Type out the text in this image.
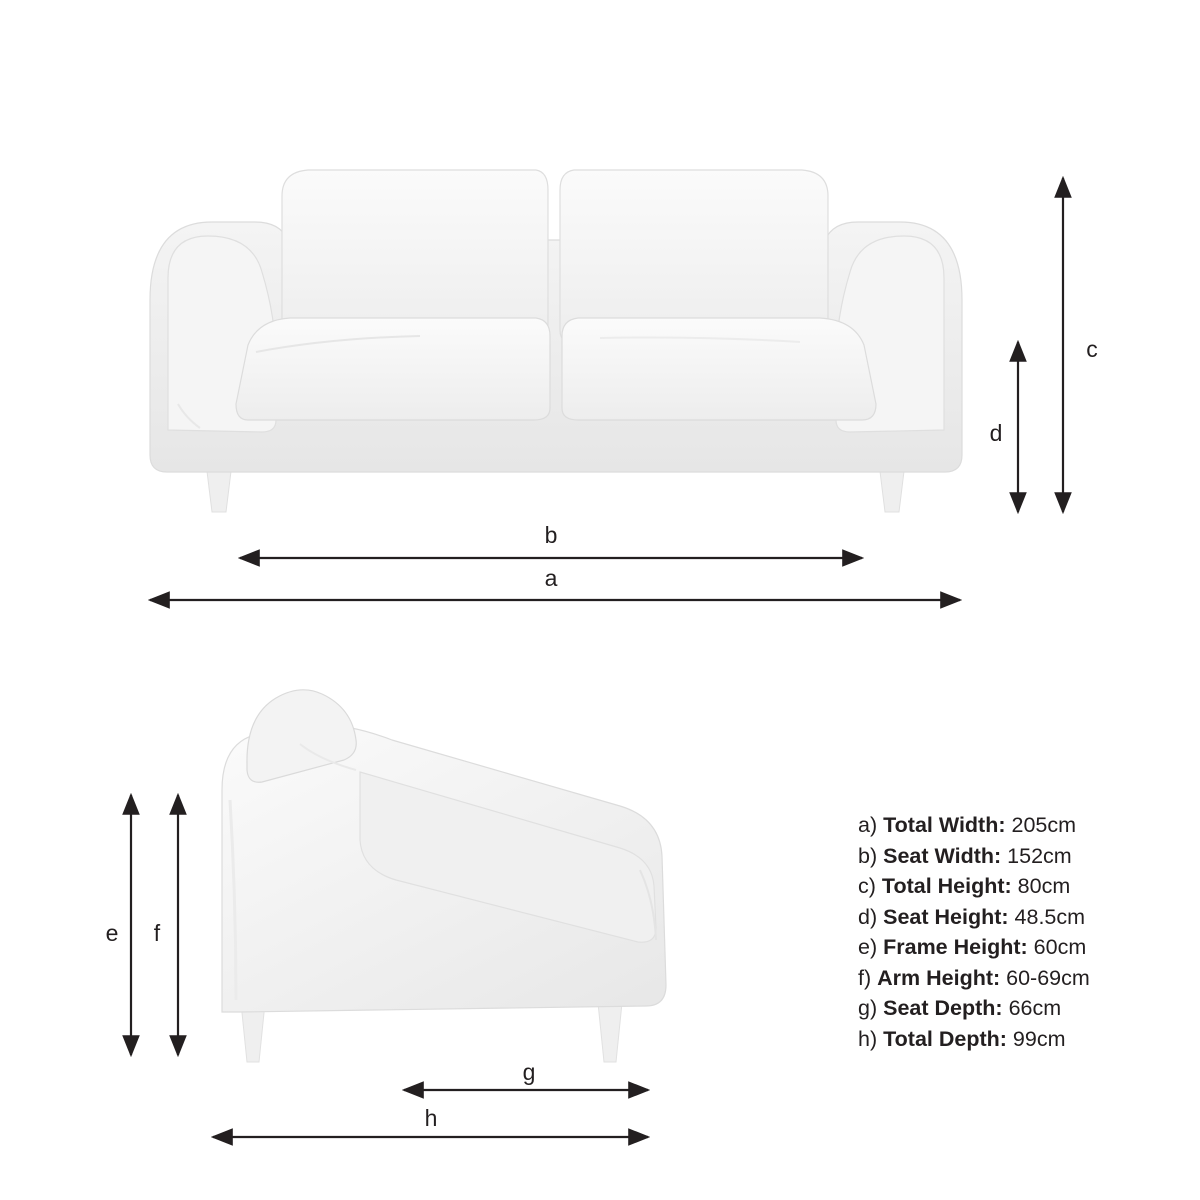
c
d
b
a
e f
g
h
a) Total Width: 205cm
b) Seat Width: 152cm
c) Total Height: 80cm
d) Seat Height: 48.5cm
e) Frame Height: 60cm
f) Arm Height: 60-69cm
g) Seat Depth: 66cm
h) Total Depth: 99cm
